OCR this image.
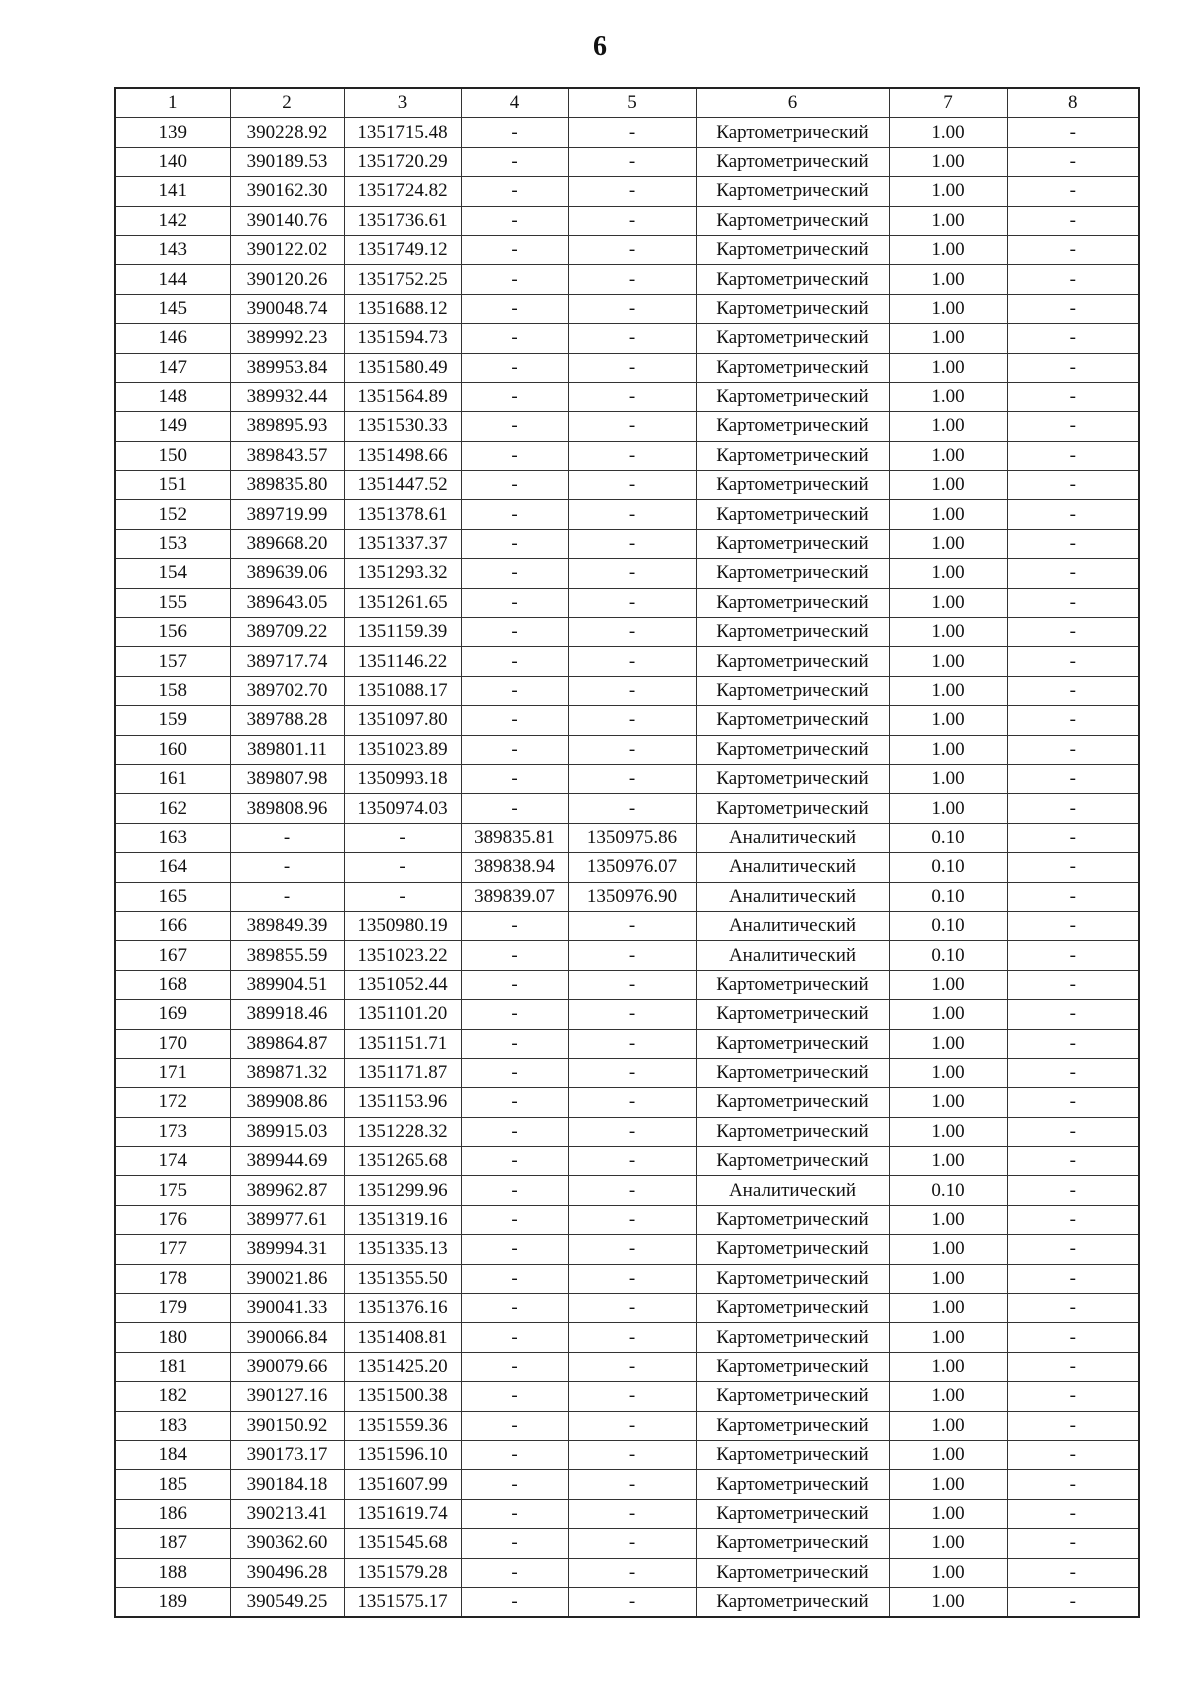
6
1	2	3	4	5	6	7	8
139	390228.92	1351715.48	-	-	Картометрический	1.00	-
140	390189.53	1351720.29	-	-	Картометрический	1.00	-
141	390162.30	1351724.82	-	-	Картометрический	1.00	-
142	390140.76	1351736.61	-	-	Картометрический	1.00	-
143	390122.02	1351749.12	-	-	Картометрический	1.00	-
144	390120.26	1351752.25	-	-	Картометрический	1.00	-
145	390048.74	1351688.12	-	-	Картометрический	1.00	-
146	389992.23	1351594.73	-	-	Картометрический	1.00	-
147	389953.84	1351580.49	-	-	Картометрический	1.00	-
148	389932.44	1351564.89	-	-	Картометрический	1.00	-
149	389895.93	1351530.33	-	-	Картометрический	1.00	-
150	389843.57	1351498.66	-	-	Картометрический	1.00	-
151	389835.80	1351447.52	-	-	Картометрический	1.00	-
152	389719.99	1351378.61	-	-	Картометрический	1.00	-
153	389668.20	1351337.37	-	-	Картометрический	1.00	-
154	389639.06	1351293.32	-	-	Картометрический	1.00	-
155	389643.05	1351261.65	-	-	Картометрический	1.00	-
156	389709.22	1351159.39	-	-	Картометрический	1.00	-
157	389717.74	1351146.22	-	-	Картометрический	1.00	-
158	389702.70	1351088.17	-	-	Картометрический	1.00	-
159	389788.28	1351097.80	-	-	Картометрический	1.00	-
160	389801.11	1351023.89	-	-	Картометрический	1.00	-
161	389807.98	1350993.18	-	-	Картометрический	1.00	-
162	389808.96	1350974.03	-	-	Картометрический	1.00	-
163	-	-	389835.81	1350975.86	Аналитический	0.10	-
164	-	-	389838.94	1350976.07	Аналитический	0.10	-
165	-	-	389839.07	1350976.90	Аналитический	0.10	-
166	389849.39	1350980.19	-	-	Аналитический	0.10	-
167	389855.59	1351023.22	-	-	Аналитический	0.10	-
168	389904.51	1351052.44	-	-	Картометрический	1.00	-
169	389918.46	1351101.20	-	-	Картометрический	1.00	-
170	389864.87	1351151.71	-	-	Картометрический	1.00	-
171	389871.32	1351171.87	-	-	Картометрический	1.00	-
172	389908.86	1351153.96	-	-	Картометрический	1.00	-
173	389915.03	1351228.32	-	-	Картометрический	1.00	-
174	389944.69	1351265.68	-	-	Картометрический	1.00	-
175	389962.87	1351299.96	-	-	Аналитический	0.10	-
176	389977.61	1351319.16	-	-	Картометрический	1.00	-
177	389994.31	1351335.13	-	-	Картометрический	1.00	-
178	390021.86	1351355.50	-	-	Картометрический	1.00	-
179	390041.33	1351376.16	-	-	Картометрический	1.00	-
180	390066.84	1351408.81	-	-	Картометрический	1.00	-
181	390079.66	1351425.20	-	-	Картометрический	1.00	-
182	390127.16	1351500.38	-	-	Картометрический	1.00	-
183	390150.92	1351559.36	-	-	Картометрический	1.00	-
184	390173.17	1351596.10	-	-	Картометрический	1.00	-
185	390184.18	1351607.99	-	-	Картометрический	1.00	-
186	390213.41	1351619.74	-	-	Картометрический	1.00	-
187	390362.60	1351545.68	-	-	Картометрический	1.00	-
188	390496.28	1351579.28	-	-	Картометрический	1.00	-
189	390549.25	1351575.17	-	-	Картометрический	1.00	-
